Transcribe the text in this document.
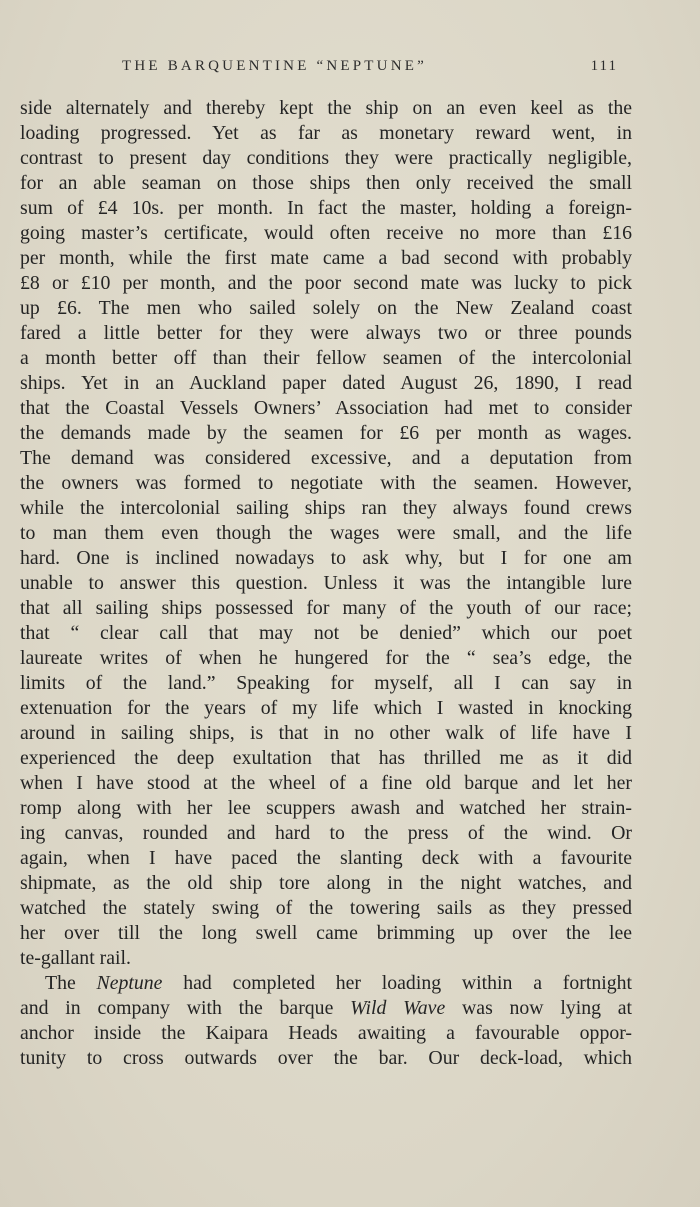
THE BARQUENTINE “NEPTUNE”	111
side alternately and thereby kept the ship on an even keel as the
loading progressed. Yet as far as monetary reward went, in
contrast to present day conditions they were practically negligible,
for an able seaman on those ships then only received the small
sum of £4 10s. per month. In fact the master, holding a foreign-
going master’s certificate, would often receive no more than £16
per month, while the first mate came a bad second with probably
£8 or £10 per month, and the poor second mate was lucky to pick
up £6. The men who sailed solely on the New Zealand coast
fared a little better for they were always two or three pounds
a month better off than their fellow seamen of the intercolonial
ships. Yet in an Auckland paper dated August 26, 1890, I read
that the Coastal Vessels Owners’ Association had met to consider
the demands made by the seamen for £6 per month as wages.
The demand was considered excessive, and a deputation from
the owners was formed to negotiate with the seamen. However,
while the intercolonial sailing ships ran they always found crews
to man them even though the wages were small, and the life
hard. One is inclined nowadays to ask why, but I for one am
unable to answer this question. Unless it was the intangible lure
that all sailing ships possessed for many of the youth of our race;
that “ clear call that may not be denied” which our poet
laureate writes of when he hungered for the “ sea’s edge, the
limits of the land.” Speaking for myself, all I can say in
extenuation for the years of my life which I wasted in knocking
around in sailing ships, is that in no other walk of life have I
experienced the deep exultation that has thrilled me as it did
when I have stood at the wheel of a fine old barque and let her
romp along with her lee scuppers awash and watched her strain-
ing canvas, rounded and hard to the press of the wind. Or
again, when I have paced the slanting deck with a favourite
shipmate, as the old ship tore along in the night watches, and
watched the stately swing of the towering sails as they pressed
her over till the long swell came brimming up over the lee
te-gallant rail.
The Neptune had completed her loading within a fortnight
and in company with the barque Wild Wave was now lying at
anchor inside the Kaipara Heads awaiting a favourable oppor-
tunity to cross outwards over the bar. Our deck-load, which
